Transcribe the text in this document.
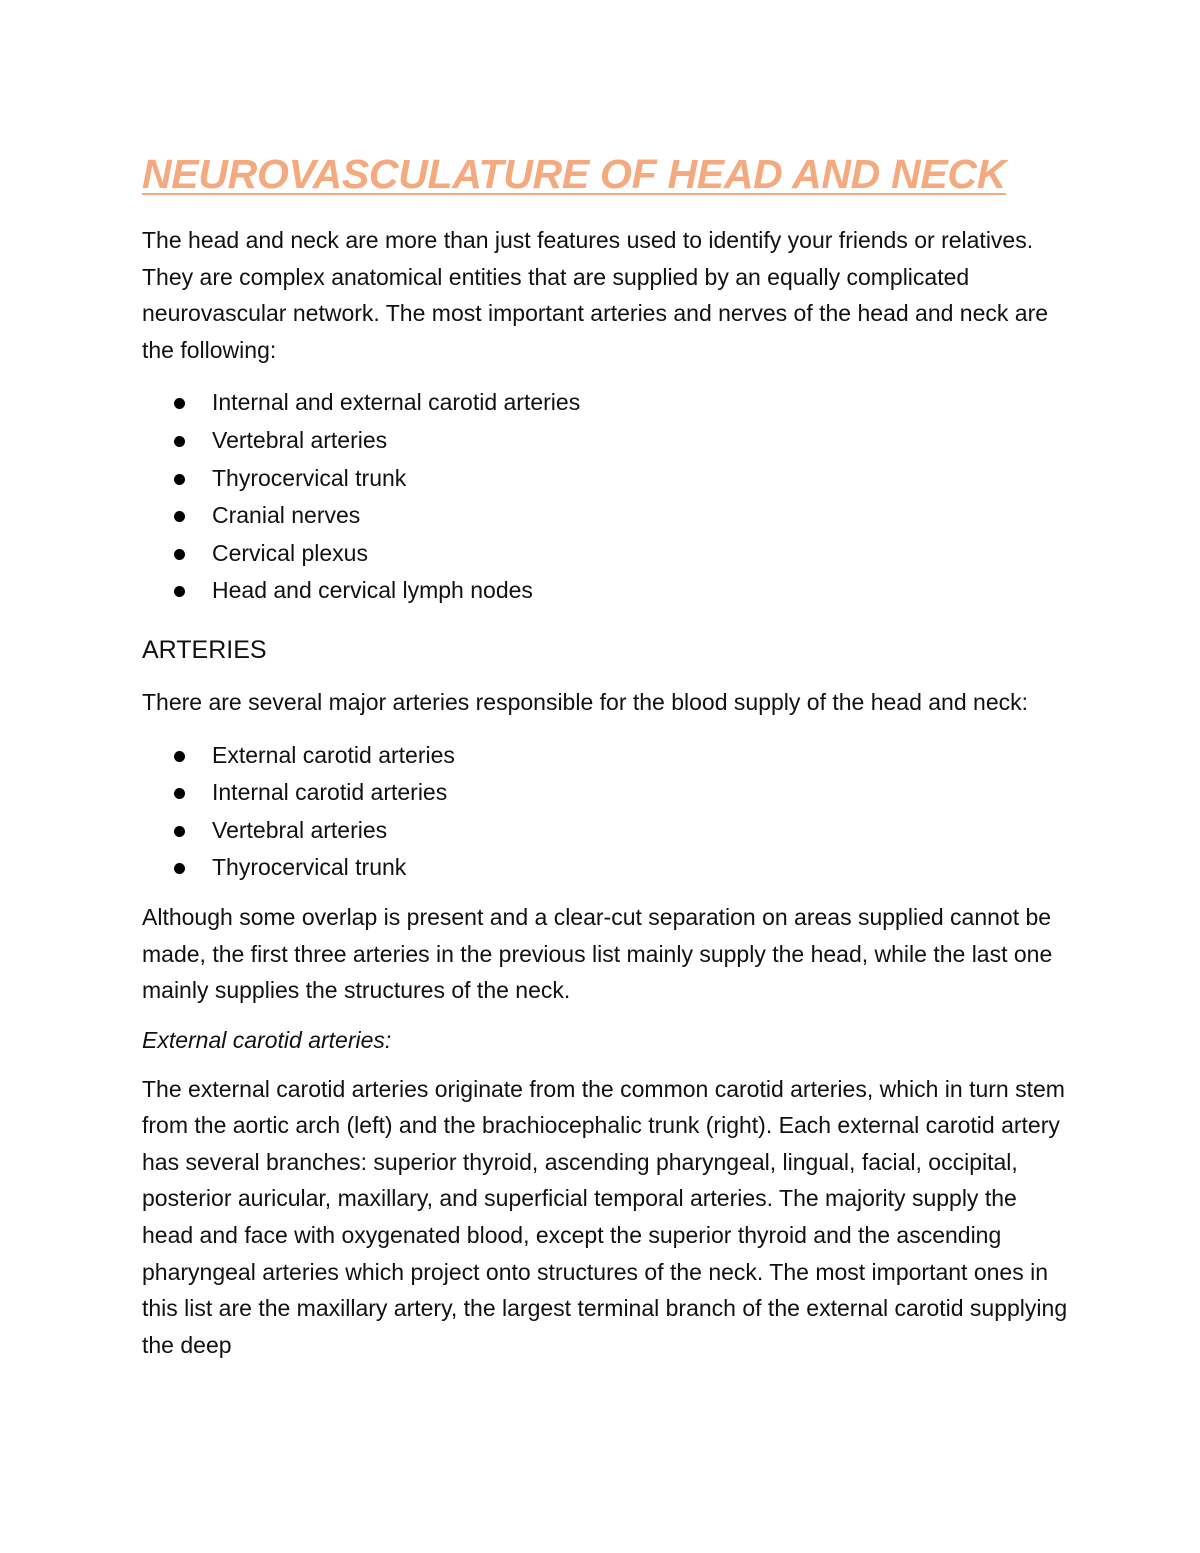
NEUROVASCULATURE OF HEAD AND NECK

The head and neck are more than just features used to identify your friends or relatives. They are complex anatomical entities that are supplied by an equally complicated neurovascular network. The most important arteries and nerves of the head and neck are the following:

Internal and external carotid arteries
Vertebral arteries
Thyrocervical trunk
Cranial nerves
Cervical plexus
Head and cervical lymph nodes
ARTERIES

There are several major arteries responsible for the blood supply of the head and neck:

External carotid arteries
Internal carotid arteries
Vertebral arteries
Thyrocervical trunk

Although some overlap is present and a clear-cut separation on areas supplied cannot be made, the first three arteries in the previous list mainly supply the head, while the last one mainly supplies the structures of the neck.

External carotid arteries:

The external carotid arteries originate from the common carotid arteries, which in turn stem from the aortic arch (left) and the brachiocephalic trunk (right). Each external carotid artery has several branches: superior thyroid, ascending pharyngeal, lingual, facial, occipital, posterior auricular, maxillary, and superficial temporal arteries. The majority supply the head and face with oxygenated blood, except the superior thyroid and the ascending pharyngeal arteries which project onto structures of the neck. The most important ones in this list are the maxillary artery, the largest terminal branch of the external carotid supplying the deep
